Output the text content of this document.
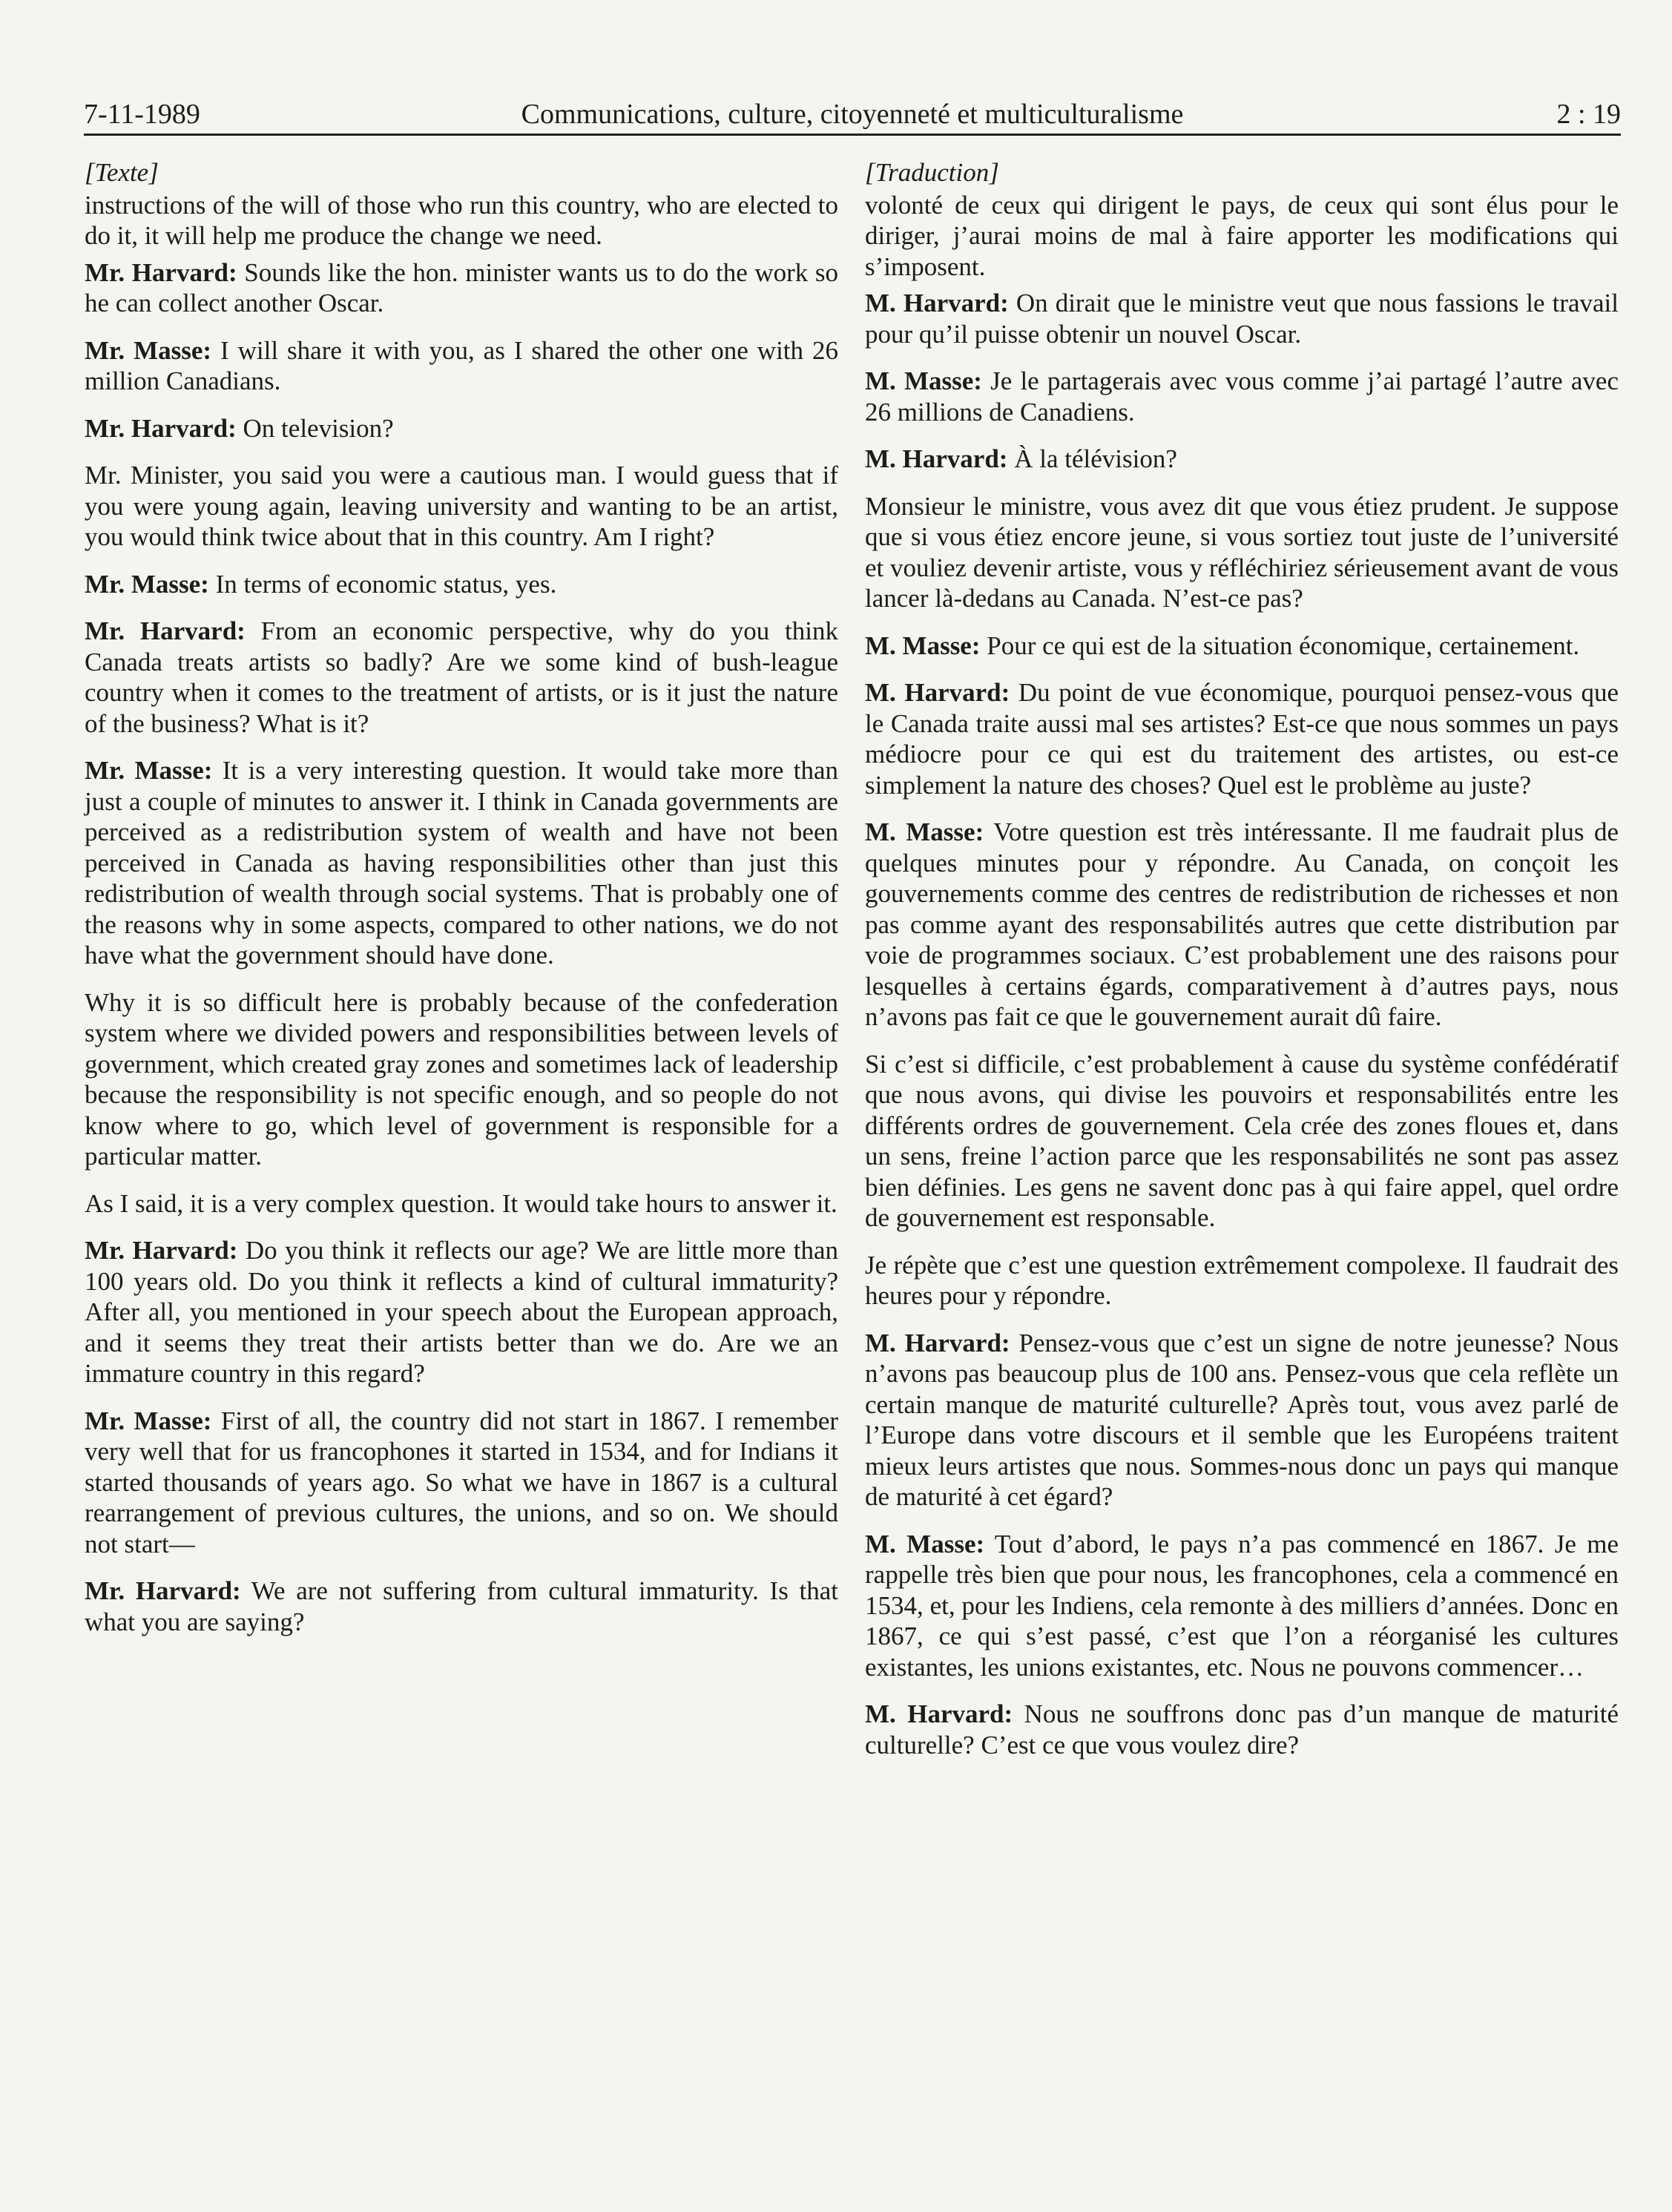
Communications, culture, citoyenneté et multiculturalisme
7-11-1989	2 : 19
[Texte]

instructions of the will of those who run this country, who are elected to do it, it will help me produce the change we need.

Mr. Harvard: Sounds like the hon. minister wants us to do the work so he can collect another Oscar.

Mr. Masse: I will share it with you, as I shared the other one with 26 million Canadians.

Mr. Harvard: On television?

Mr. Minister, you said you were a cautious man. I would guess that if you were young again, leaving university and wanting to be an artist, you would think twice about that in this country. Am I right?

Mr. Masse: In terms of economic status, yes.

Mr. Harvard: From an economic perspective, why do you think Canada treats artists so badly? Are we some kind of bush-league country when it comes to the treatment of artists, or is it just the nature of the business? What is it?

Mr. Masse: It is a very interesting question. It would take more than just a couple of minutes to answer it. I think in Canada governments are perceived as a redistribution system of wealth and have not been perceived in Canada as having responsibilities other than just this redistribution of wealth through social systems. That is probably one of the reasons why in some aspects, compared to other nations, we do not have what the government should have done.

Why it is so difficult here is probably because of the confederation system where we divided powers and responsibilities between levels of government, which created gray zones and sometimes lack of leadership because the responsibility is not specific enough, and so people do not know where to go, which level of government is responsible for a particular matter.

As I said, it is a very complex question. It would take hours to answer it.

Mr. Harvard: Do you think it reflects our age? We are little more than 100 years old. Do you think it reflects a kind of cultural immaturity? After all, you mentioned in your speech about the European approach, and it seems they treat their artists better than we do. Are we an immature country in this regard?

Mr. Masse: First of all, the country did not start in 1867. I remember very well that for us francophones it started in 1534, and for Indians it started thousands of years ago. So what we have in 1867 is a cultural rearrangement of previous cultures, the unions, and so on. We should not start—

Mr. Harvard: We are not suffering from cultural immaturity. Is that what you are saying?

[Traduction]

volonté de ceux qui dirigent le pays, de ceux qui sont élus pour le diriger, j’aurai moins de mal à faire apporter les modifications qui s’imposent.

M. Harvard: On dirait que le ministre veut que nous fassions le travail pour qu’il puisse obtenir un nouvel Oscar.

M. Masse: Je le partagerais avec vous comme j’ai partagé l’autre avec 26 millions de Canadiens.

M. Harvard: À la télévision?

Monsieur le ministre, vous avez dit que vous étiez prudent. Je suppose que si vous étiez encore jeune, si vous sortiez tout juste de l’université et vouliez devenir artiste, vous y réfléchiriez sérieusement avant de vous lancer là-dedans au Canada. N’est-ce pas?

M. Masse: Pour ce qui est de la situation économique, certainement.

M. Harvard: Du point de vue économique, pourquoi pensez-vous que le Canada traite aussi mal ses artistes? Est-ce que nous sommes un pays médiocre pour ce qui est du traitement des artistes, ou est-ce simplement la nature des choses? Quel est le problème au juste?

M. Masse: Votre question est très intéressante. Il me faudrait plus de quelques minutes pour y répondre. Au Canada, on conçoit les gouvernements comme des centres de redistribution de richesses et non pas comme ayant des responsabilités autres que cette distribution par voie de programmes sociaux. C’est probablement une des raisons pour lesquelles à certains égards, comparativement à d’autres pays, nous n’avons pas fait ce que le gouvernement aurait dû faire.

Si c’est si difficile, c’est probablement à cause du système confédératif que nous avons, qui divise les pouvoirs et responsabilités entre les différents ordres de gouvernement. Cela crée des zones floues et, dans un sens, freine l’action parce que les responsabilités ne sont pas assez bien définies. Les gens ne savent donc pas à qui faire appel, quel ordre de gouvernement est responsable.

Je répète que c’est une question extrêmement compolexe. Il faudrait des heures pour y répondre.

M. Harvard: Pensez-vous que c’est un signe de notre jeunesse? Nous n’avons pas beaucoup plus de 100 ans. Pensez-vous que cela reflète un certain manque de maturité culturelle? Après tout, vous avez parlé de l’Europe dans votre discours et il semble que les Européens traitent mieux leurs artistes que nous. Sommes-nous donc un pays qui manque de maturité à cet égard?

M. Masse: Tout d’abord, le pays n’a pas commencé en 1867. Je me rappelle très bien que pour nous, les francophones, cela a commencé en 1534, et, pour les Indiens, cela remonte à des milliers d’années. Donc en 1867, ce qui s’est passé, c’est que l’on a réorganisé les cultures existantes, les unions existantes, etc. Nous ne pouvons commencer…

M. Harvard: Nous ne souffrons donc pas d’un manque de maturité culturelle? C’est ce que vous voulez dire?
